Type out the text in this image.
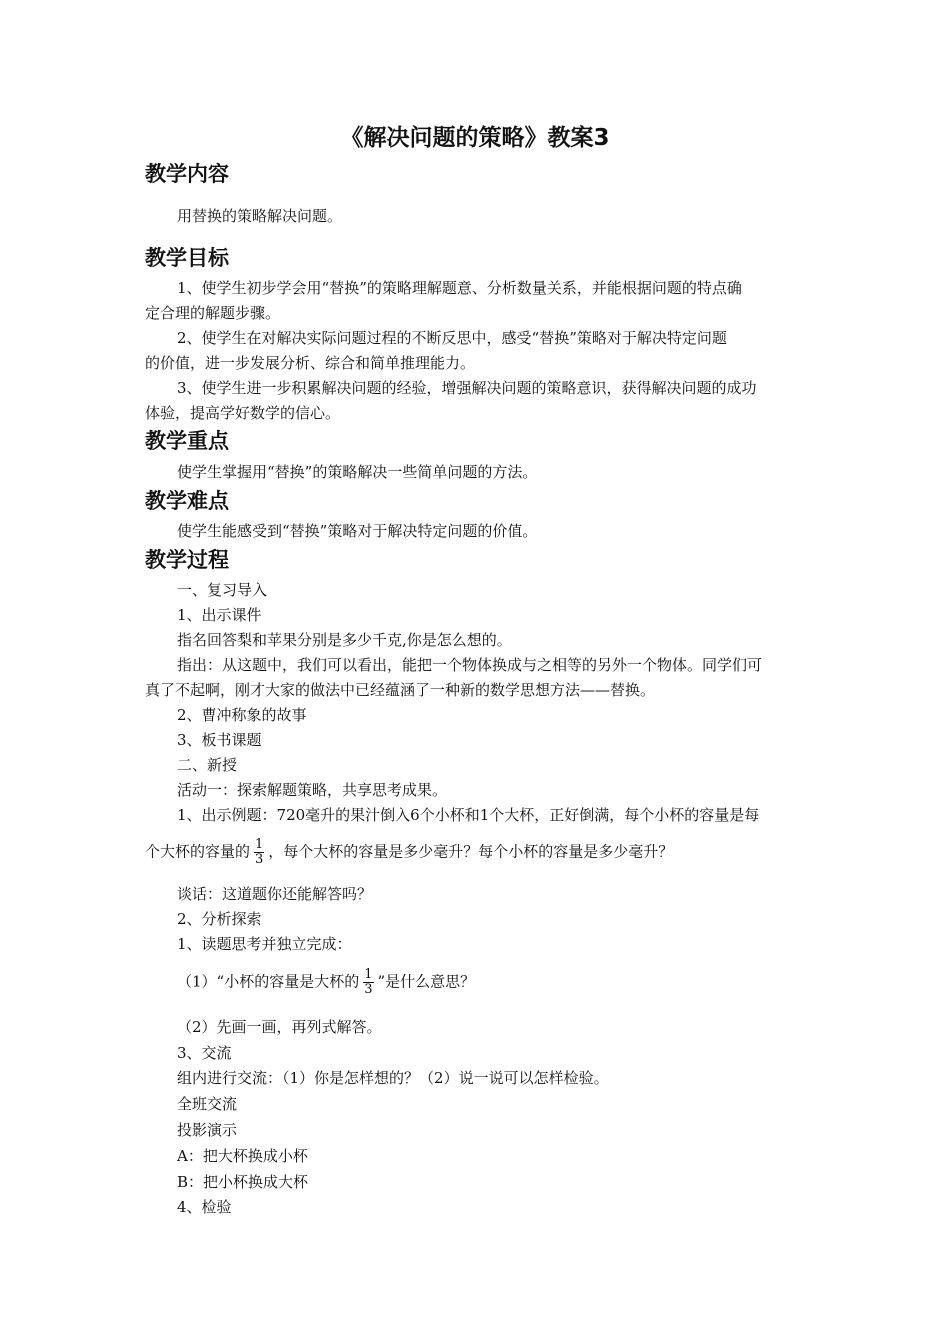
《解决问题的策略》教案3
教学内容
用替换的策略解决问题。
教学目标
1、使学生初步学会用“替换”的策略理解题意、分析数量关系，并能根据问题的特点确
定合理的解题步骤。
2、使学生在对解决实际问题过程的不断反思中，感受“替换”策略对于解决特定问题
的价值，进一步发展分析、综合和简单推理能力。
3、使学生进一步积累解决问题的经验，增强解决问题的策略意识，获得解决问题的成功
体验，提高学好数学的信心。
教学重点
使学生掌握用“替换”的策略解决一些简单问题的方法。
教学难点
使学生能感受到“替换”策略对于解决特定问题的价值。
教学过程
一、复习导入
1、出示课件
指名回答梨和苹果分别是多少千克,你是怎么想的。
指出：从这题中，我们可以看出，能把一个物体换成与之相等的另外一个物体。同学们可
真了不起啊，刚才大家的做法中已经蕴涵了一种新的数学思想方法——替换。
2、曹冲称象的故事
3、板书课题
二、新授
活动一：探索解题策略，共享思考成果。
1、出示例题：720毫升的果汁倒入6个小杯和1个大杯，正好倒满，每个小杯的容量是每
个大杯的容量的 $\frac{1}{3}$ ，每个大杯的容量是多少毫升？每个小杯的容量是多少毫升？
谈话：这道题你还能解答吗？
2、分析探索
1、读题思考并独立完成：
（1）“小杯的容量是大杯的 $\frac{1}{3}$ ”是什么意思？
（2）先画一画，再列式解答。
3、交流
组内进行交流：（1）你是怎样想的？（2）说一说可以怎样检验。
全班交流
投影演示
A：把大杯换成小杯
B：把小杯换成大杯
4、检验
